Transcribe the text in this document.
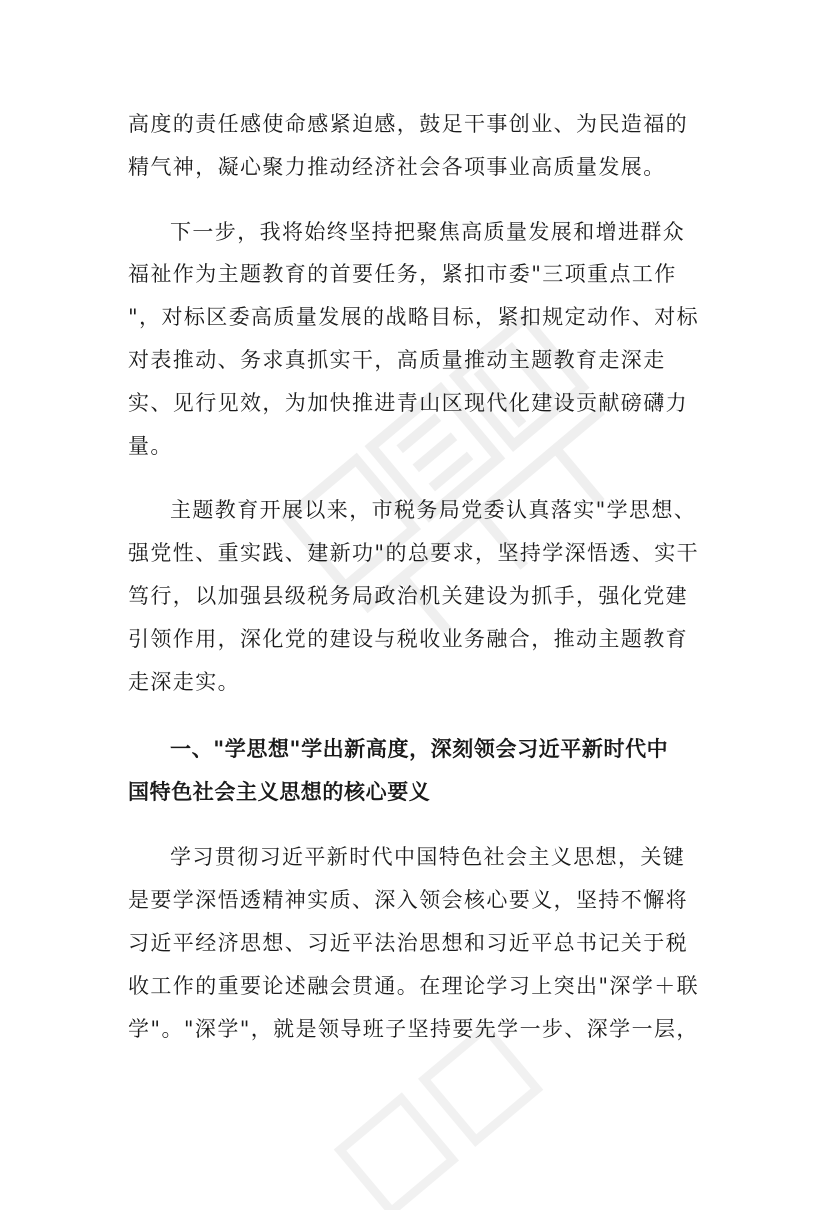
高度的责任感使命感紧迫感，鼓足干事创业、为民造福的
精气神，凝心聚力推动经济社会各项事业高质量发展。
下一步，我将始终坚持把聚焦高质量发展和增进群众
福祉作为主题教育的首要任务，紧扣市委"三项重点工作
"，对标区委高质量发展的战略目标，紧扣规定动作、对标
对表推动、务求真抓实干，高质量推动主题教育走深走
实、见行见效，为加快推进青山区现代化建设贡献磅礴力
量。
主题教育开展以来，市税务局党委认真落实"学思想、
强党性、重实践、建新功"的总要求，坚持学深悟透、实干
笃行，以加强县级税务局政治机关建设为抓手，强化党建
引领作用，深化党的建设与税收业务融合，推动主题教育
走深走实。
一、"学思想"学出新高度，深刻领会习近平新时代中
国特色社会主义思想的核心要义
学习贯彻习近平新时代中国特色社会主义思想，关键
是要学深悟透精神实质、深入领会核心要义，坚持不懈将
习近平经济思想、习近平法治思想和习近平总书记关于税
收工作的重要论述融会贯通。在理论学习上突出"深学＋联
学"。"深学"，就是领导班子坚持要先学一步、深学一层，
